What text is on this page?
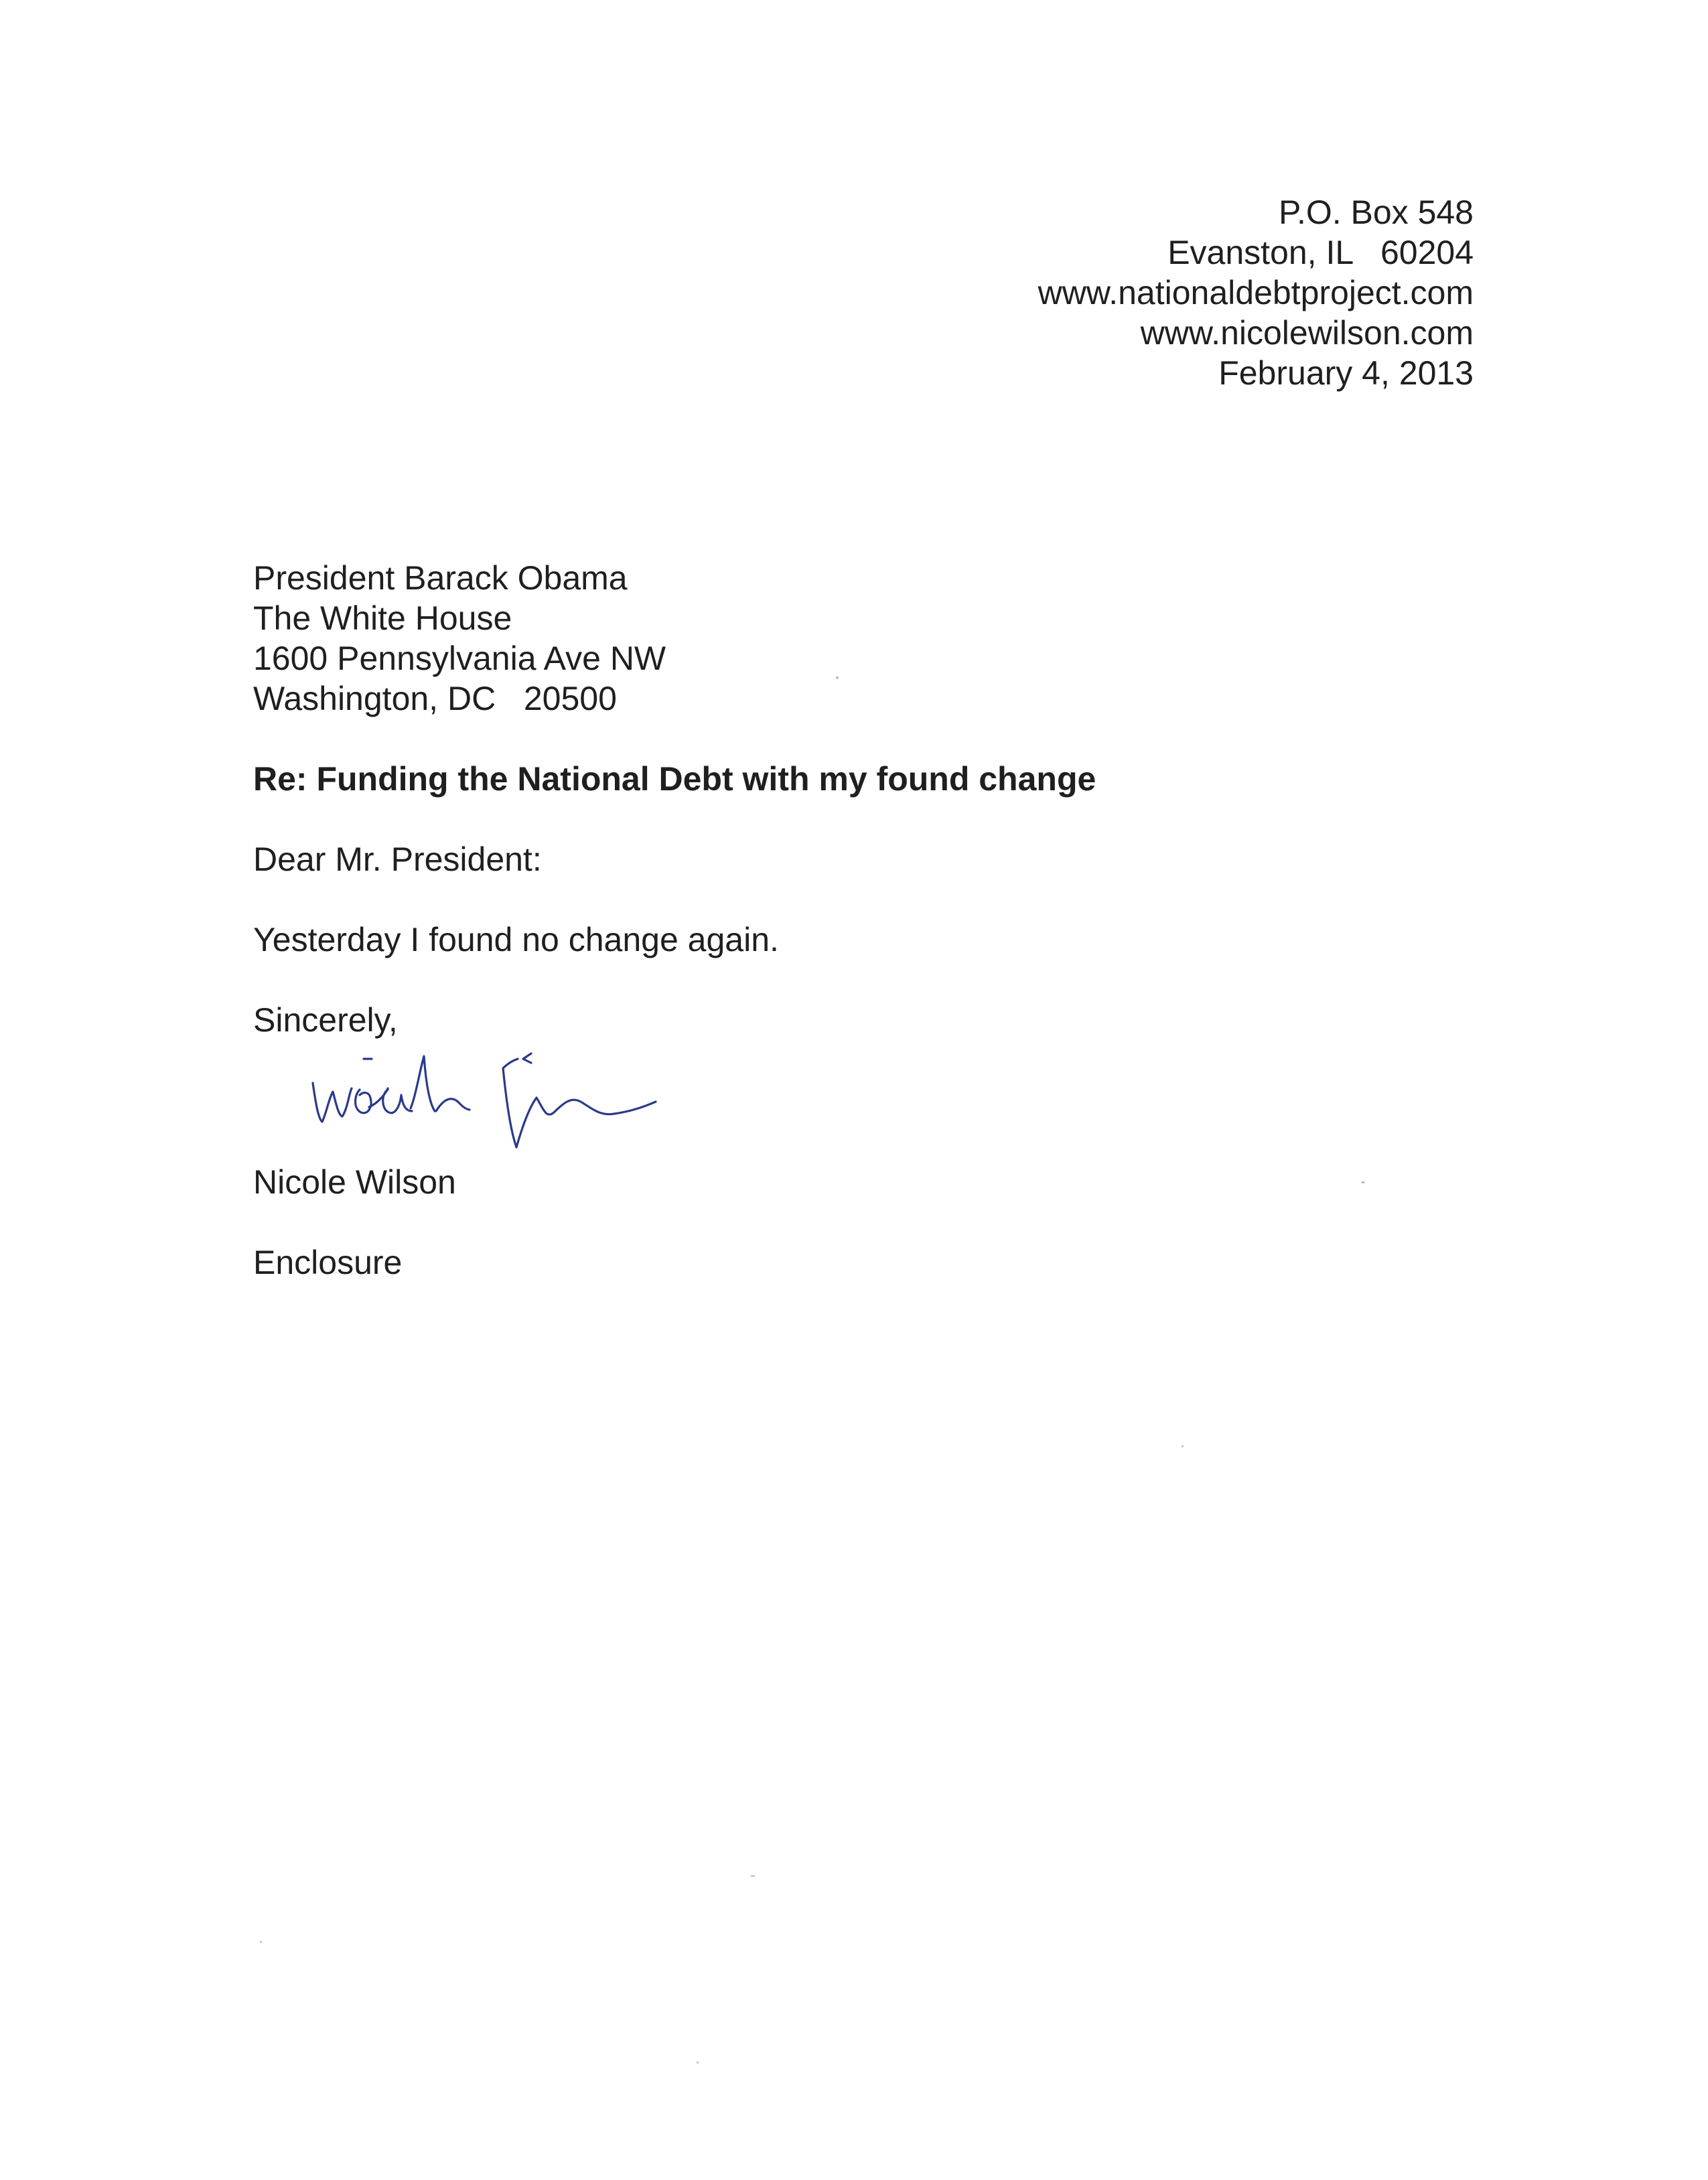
P.O. Box 548
Evanston, IL   60204
www.nationaldebtproject.com
www.nicolewilson.com
February 4, 2013
President Barack Obama
The White House
1600 Pennsylvania Ave NW
Washington, DC   20500
Re: Funding the National Debt with my found change
Dear Mr. President:
Yesterday I found no change again.
Sincerely,
Nicole Wilson
Enclosure
